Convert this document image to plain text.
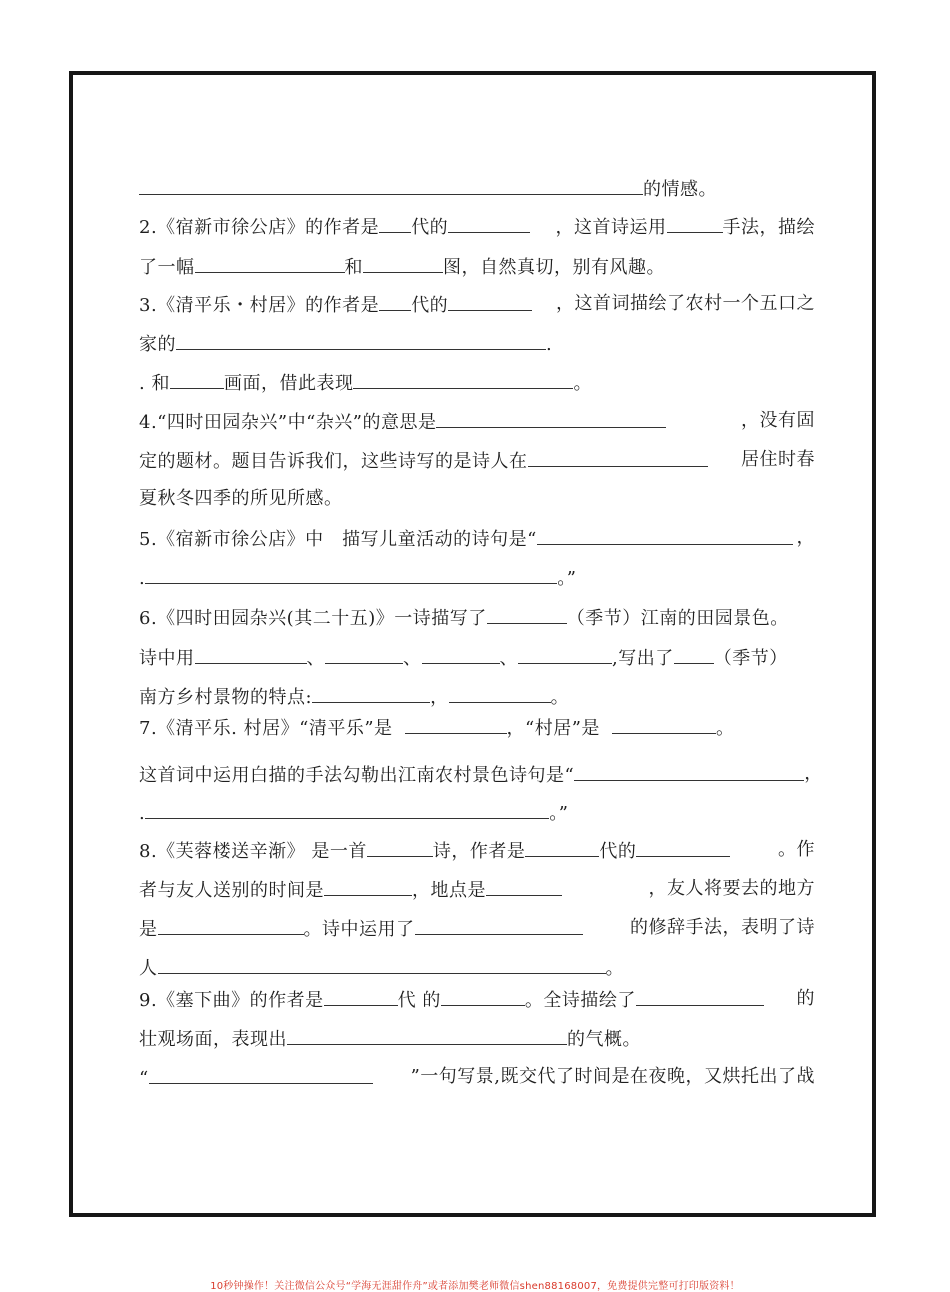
的情感。
2.《宿新市徐公店》的作者是 代的	，这首诗运用	手法，描绘
了一幅	和	图，自然真切，别有风趣。
3.《清平乐・村居》的作者是 代的	，这首词描绘了农村一个五口之
家的	.
. 和	画面，借此表现	。
4.“四时田园杂兴”中“杂兴”的意思是	，没有固
定的题材。题目告诉我们，这些诗写的是诗人在	居住时春
夏秋冬四季的所见所感。
5.《宿新市徐公店》中　描写儿童活动的诗句是“	，
.	。”
6.《四时田园杂兴(其二十五)》一诗描写了	（季节）江南的田园景色。
诗中用	、	、	、	,写出了 （季节）
南方乡村景物的特点:	，	。
7.《清平乐. 村居》“清平乐”是	，“村居”是	。
这首词中运用白描的手法勾勒出江南农村景色诗句是“	，
.	。”
8.《芙蓉楼送辛渐》 是一首	诗，作者是	代的	。作
者与友人送别的时间是	，地点是	，友人将要去的地方
是	。诗中运用了	的修辞手法，表明了诗
人	。
9.《塞下曲》的作者是	代 的	。全诗描绘了	的
壮观场面，表现出	的气概。
“	”一句写景,既交代了时间是在夜晚，又烘托出了战
10秒钟操作！关注微信公众号“学海无涯甜作舟”或者添加樊老师微信shen88168007，免费提供完整可打印版资料！
